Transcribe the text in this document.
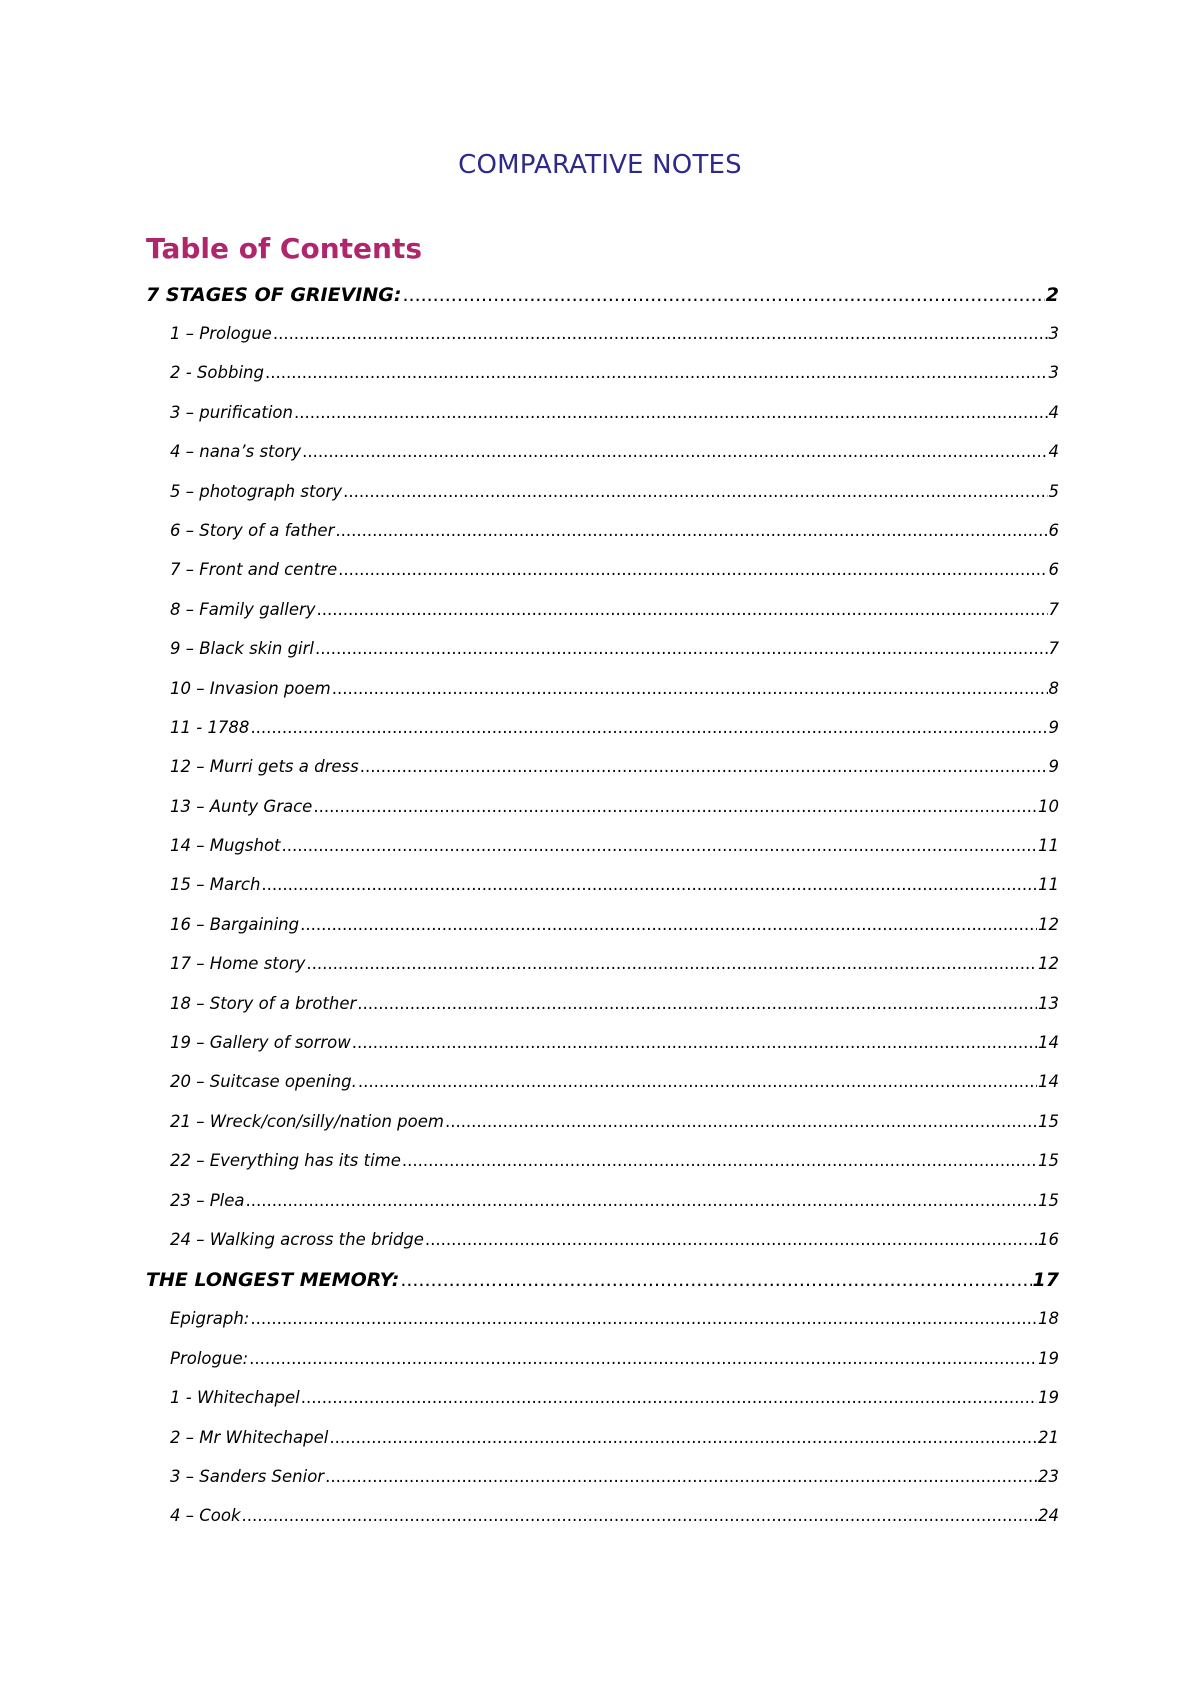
COMPARATIVE NOTES
Table of Contents
7 STAGES OF GRIEVING: .....	2
1 – Prologue .....	3
2 - Sobbing .....	3
3 – purification .....	4
4 – nana’s story .....	4
5 – photograph story .....	5
6 – Story of a father .....	6
7 – Front and centre .....	6
8 – Family gallery .....	7
9 – Black skin girl .....	7
10 – Invasion poem .....	8
11 - 1788 .....	9
12 – Murri gets a dress .....	9
13 – Aunty Grace .....	10
14 – Mugshot .....	11
15 – March .....	11
16 – Bargaining .....	12
17 – Home story .....	12
18 – Story of a brother .....	13
19 – Gallery of sorrow .....	14
20 – Suitcase opening. .....	14
21 – Wreck/con/silly/nation poem .....	15
22 – Everything has its time .....	15
23 – Plea .....	15
24 – Walking across the bridge .....	16
THE LONGEST MEMORY: .....	17
Epigraph: .....	18
Prologue: .....	19
1 - Whitechapel .....	19
2 – Mr Whitechapel .....	21
3 – Sanders Senior .....	23
4 – Cook .....	24
